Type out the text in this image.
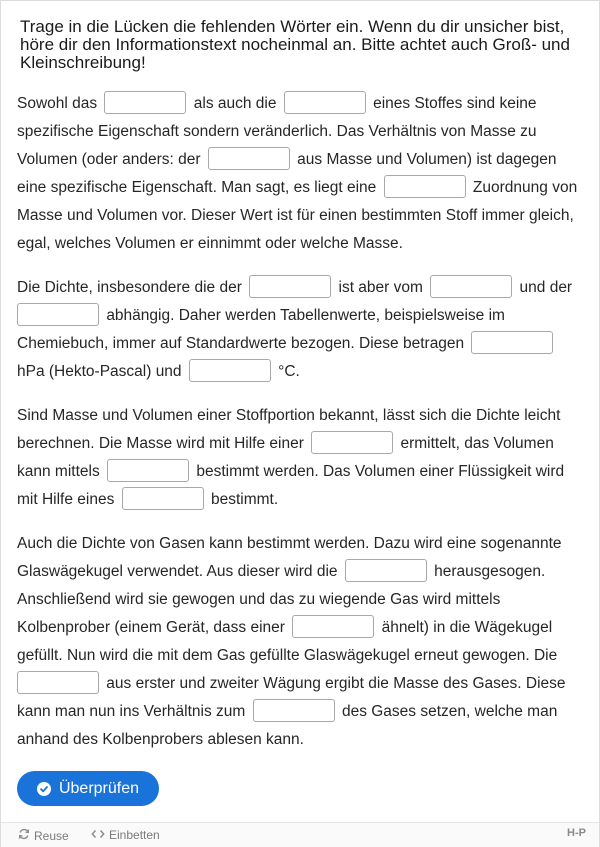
Trage in die Lücken die fehlenden Wörter ein. Wenn du dir unsicher bist, höre dir den Informationstext nocheinmal an. Bitte achtet auch Groß- und Kleinschreibung!
Sowohl das	als auch die	eines Stoffes sind keine spezifische Eigenschaft sondern veränderlich. Das Verhältnis von Masse zu Volumen (oder anders: der	aus Masse und Volumen) ist dagegen eine spezifische Eigenschaft. Man sagt, es liegt eine	Zuordnung von Masse und Volumen vor. Dieser Wert ist für einen bestimmten Stoff immer gleich, egal, welches Volumen er einnimmt oder welche Masse.
Die Dichte, insbesondere die der	ist aber vom	und der  abhängig. Daher werden Tabellenwerte, beispielsweise im Chemiebuch, immer auf Standardwerte bezogen. Diese betragen  hPa (Hekto-Pascal) und	°C.
Sind Masse und Volumen einer Stoffportion bekannt, lässt sich die Dichte leicht berechnen. Die Masse wird mit Hilfe einer	ermittelt, das Volumen kann mittels	bestimmt werden. Das Volumen einer Flüssigkeit wird mit Hilfe eines	bestimmt.
Auch die Dichte von Gasen kann bestimmt werden. Dazu wird eine sogenannte Glaswägekugel verwendet. Aus dieser wird die	herausgesogen. Anschließend wird sie gewogen und das zu wiegende Gas wird mittels Kolbenprober (einem Gerät, dass einer	ähnelt) in die Wägekugel gefüllt. Nun wird die mit dem Gas gefüllte Glaswägekugel erneut gewogen. Die  aus erster und zweiter Wägung ergibt die Masse des Gases. Diese kann man nun ins Verhältnis zum	des Gases setzen, welche man anhand des Kolbenprobers ablesen kann.
Überprüfen
Reuse	Einbetten	H-P
